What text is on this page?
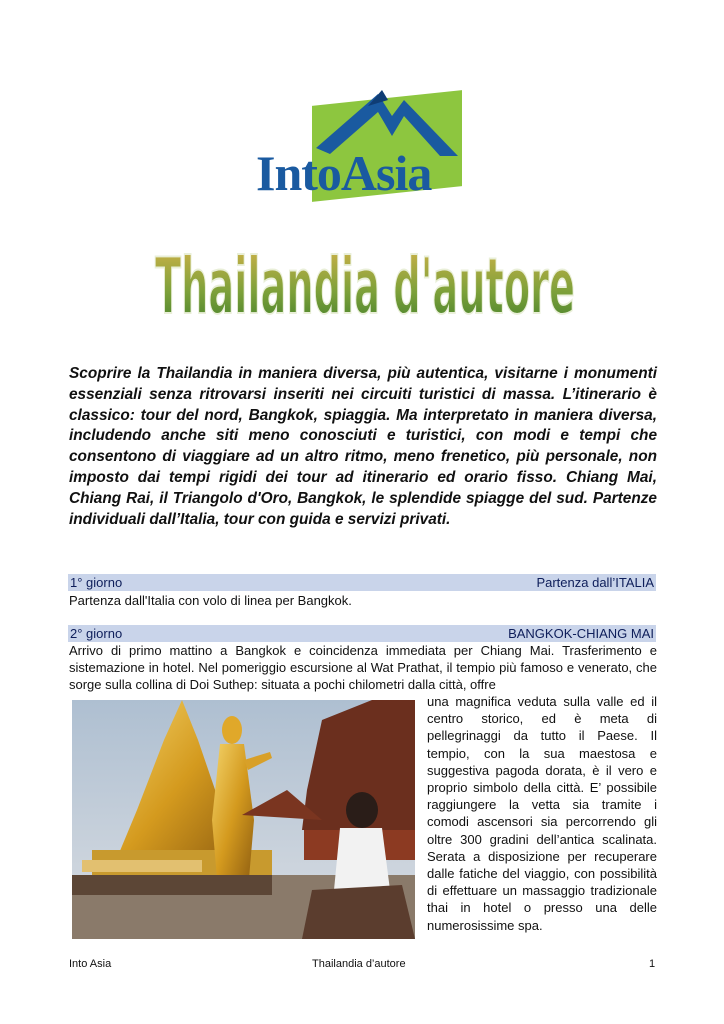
IntoAsia
Thailandia d'autore
Scoprire la Thailandia in maniera diversa, più autentica, visitarne i monumenti essenziali senza ritrovarsi inseriti nei circuiti turistici di massa. L’itinerario è classico: tour del nord, Bangkok, spiaggia. Ma interpretato in maniera diversa, includendo anche siti meno conosciuti e turistici, con modi e tempi che consentono di viaggiare ad un altro ritmo, meno frenetico, più personale, non imposto dai tempi rigidi dei tour ad itinerario ed orario fisso. Chiang Mai, Chiang Rai, il Triangolo d'Oro, Bangkok, le splendide spiagge del sud. Partenze individuali dall’Italia, tour con guida e servizi privati.
1° giorno	Partenza dall’ITALIA
Partenza dall'Italia con volo di linea per Bangkok.
2° giorno	BANGKOK-CHIANG MAI
Arrivo di primo mattino a Bangkok e coincidenza immediata per Chiang Mai. Trasferimento e sistemazione in hotel. Nel pomeriggio escursione al Wat Prathat, il tempio più famoso e venerato, che sorge sulla collina di Doi Suthep: situata a pochi chilometri dalla città, offre
una magnifica veduta sulla valle ed il centro storico, ed è meta di pellegrinaggi da tutto il Paese. Il tempio, con la sua maestosa e suggestiva pagoda dorata, è il vero e proprio simbolo della città. E’ possibile raggiungere la vetta sia tramite i comodi ascensori sia percorrendo gli oltre 300 gradini dell’antica scalinata. Serata a disposizione per recuperare dalle fatiche del viaggio, con possibilità di effettuare un massaggio tradizionale thai in hotel o presso una delle numerosissime spa.
Into Asia	Thailandia d’autore	1
